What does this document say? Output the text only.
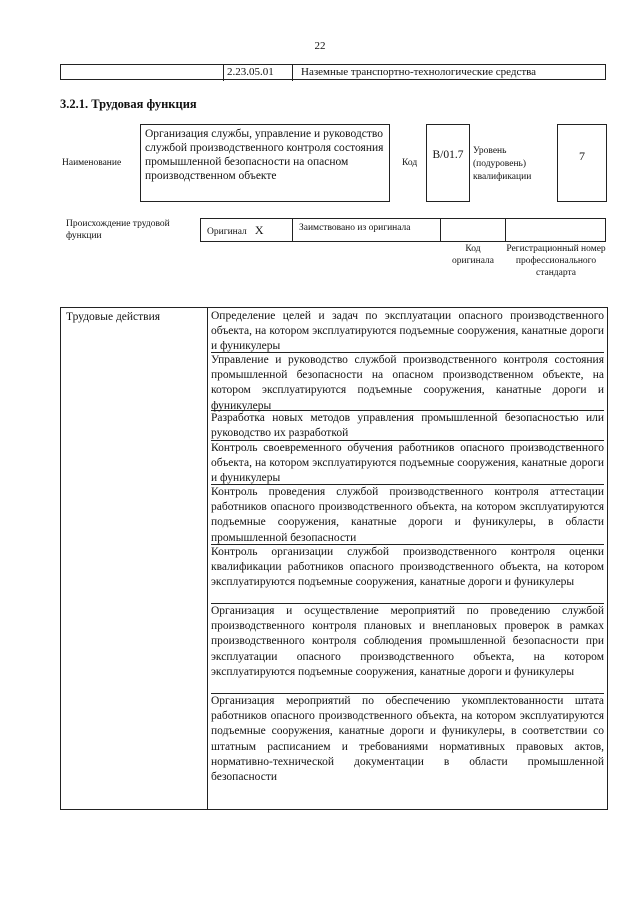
22
2.23.05.01	Наземные транспортно-технологические средства
3.2.1. Трудовая функция
Наименование
Организация службы, управление и руководство службой производственного контроля состояния промышленной безопасности на опасном производственном объекте
Код
B/01.7	Уровень (подуровень) квалификации
7
Происхождение трудовой функции	Оригинал X	Заимствовано из оригинала
Код оригинала
Регистрационный номер профессионального стандарта
Трудовые действия	Определение целей и задач по эксплуатации опасного производственного объекта, на котором эксплуатируются подъемные сооружения, канатные дороги и фуникулеры
Управление и руководство службой производственного контроля состояния промышленной безопасности на опасном производственном объекте, на котором эксплуатируются подъемные сооружения, канатные дороги и фуникулеры
Разработка новых методов управления промышленной безопасностью или руководство их разработкой
Контроль своевременного обучения работников опасного производственного объекта, на котором эксплуатируются подъемные сооружения, канатные дороги и фуникулеры
Контроль проведения службой производственного контроля аттестации работников опасного производственного объекта, на котором эксплуатируются подъемные сооружения, канатные дороги и фуникулеры, в области промышленной безопасности
Контроль организации службой производственного контроля оценки квалификации работников опасного производственного объекта, на котором эксплуатируются подъемные сооружения, канатные дороги и фуникулеры
Организация и осуществление мероприятий по проведению службой производственного контроля плановых и внеплановых проверок в рамках производственного контроля соблюдения промышленной безопасности при эксплуатации опасного производственного объекта, на котором эксплуатируются подъемные сооружения, канатные дороги и фуникулеры
Организация мероприятий по обеспечению укомплектованности штата работников опасного производственного объекта, на котором эксплуатируются подъемные сооружения, канатные дороги и фуникулеры, в соответствии со штатным расписанием и требованиями нормативных правовых актов, нормативно-технической документации в области промышленной безопасности
